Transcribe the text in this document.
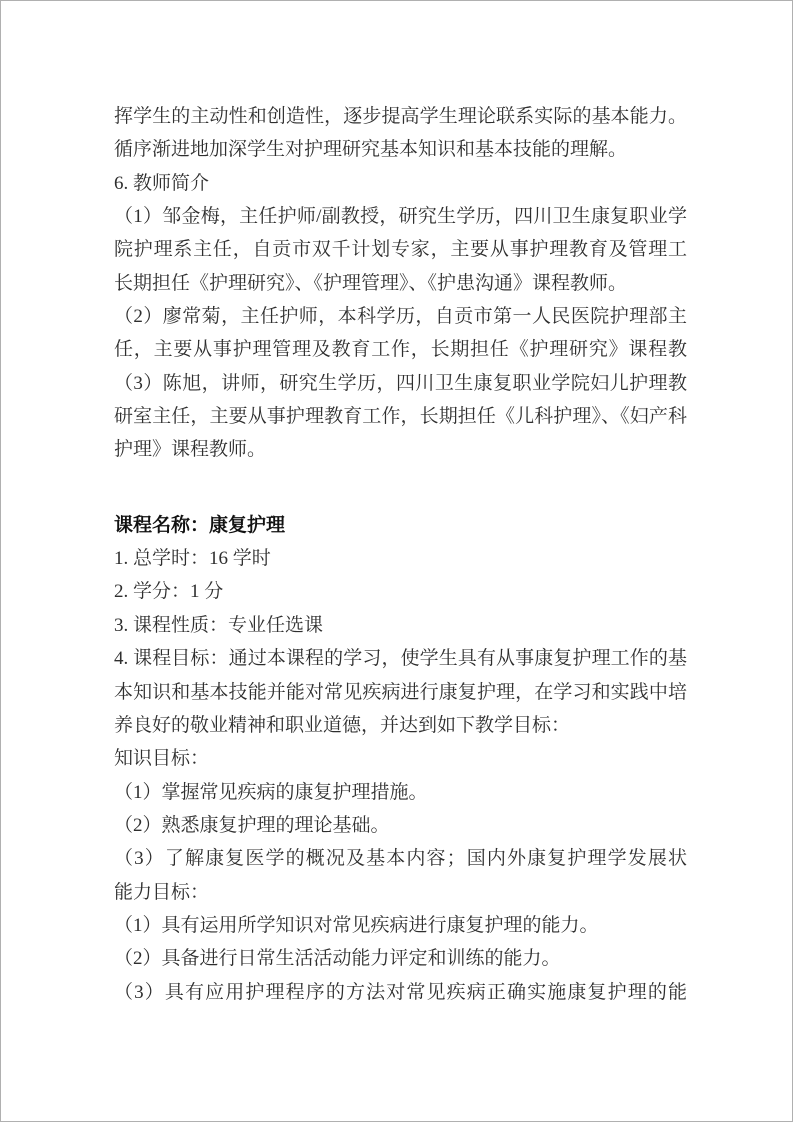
挥学生的主动性和创造性，逐步提高学生理论联系实际的基本能力。
循序渐进地加深学生对护理研究基本知识和基本技能的理解。
6. 教师简介
（1）邹金梅，主任护师/副教授，研究生学历，四川卫生康复职业学
院护理系主任，自贡市双千计划专家，主要从事护理教育及管理工
长期担任《护理研究》、《护理管理》、《护患沟通》课程教师。
（2）廖常菊，主任护师，本科学历，自贡市第一人民医院护理部主
任，主要从事护理管理及教育工作，长期担任《护理研究》课程教
（3）陈旭，讲师，研究生学历，四川卫生康复职业学院妇儿护理教
研室主任，主要从事护理教育工作，长期担任《儿科护理》、《妇产科
护理》课程教师。
课程名称：康复护理
1. 总学时：16 学时
2. 学分：1 分
3. 课程性质：专业任选课
4. 课程目标：通过本课程的学习，使学生具有从事康复护理工作的基
本知识和基本技能并能对常见疾病进行康复护理，在学习和实践中培
养良好的敬业精神和职业道德，并达到如下教学目标：
知识目标：
（1）掌握常见疾病的康复护理措施。
（2）熟悉康复护理的理论基础。
（3）了解康复医学的概况及基本内容；国内外康复护理学发展状
能力目标：
（1）具有运用所学知识对常见疾病进行康复护理的能力。
（2）具备进行日常生活活动能力评定和训练的能力。
（3）具有应用护理程序的方法对常见疾病正确实施康复护理的能
